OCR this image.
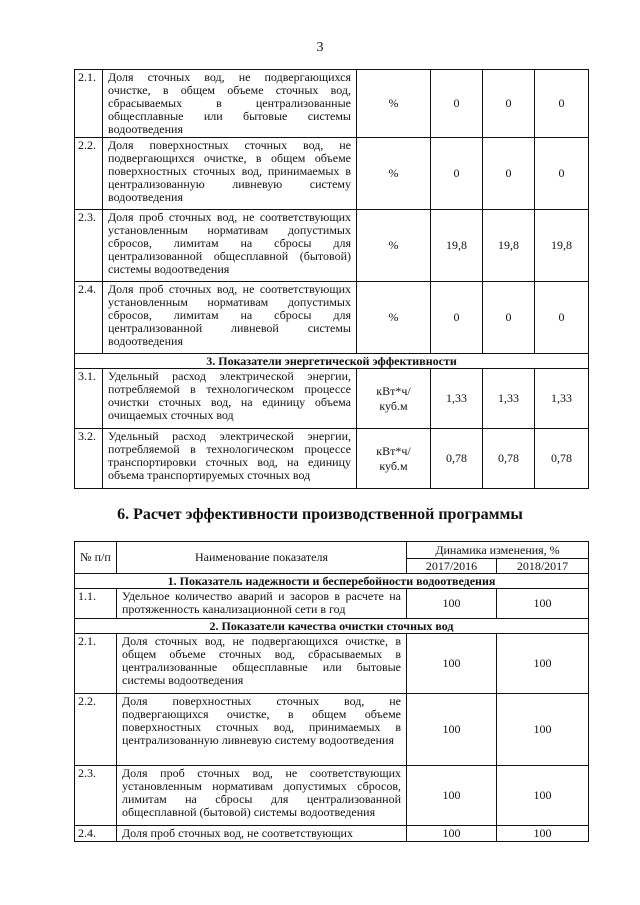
3
2.1.	Доля сточных вод, не подвергающихся очистке, в общем объеме сточных вод, сбрасываемых в централизованные общесплавные или бытовые системы водоотведения	%	0	0	0
2.2.	Доля поверхностных сточных вод, не подвергающихся очистке, в общем объеме поверхностных сточных вод, принимаемых в централизованную ливневую систему водоотведения	%	0	0	0
2.3.	Доля проб сточных вод, не соответствующих установленным нормативам допустимых сбросов, лимитам на сбросы для централизованной общесплавной (бытовой) системы водоотведения	%	19,8	19,8	19,8
2.4.	Доля проб сточных вод, не соответствующих установленным нормативам допустимых сбросов, лимитам на сбросы для централизованной ливневой системы водоотведения	%	0	0	0
3. Показатели энергетической эффективности					
3.1.	Удельный расход электрической энергии, потребляемой в технологическом процессе очистки сточных вод, на единицу объема очищаемых сточных вод	кВт*ч/ куб.м	1,33	1,33	1,33
3.2.	Удельный расход электрической энергии, потребляемой в технологическом процессе транспортировки сточных вод, на единицу объема транспортируемых сточных вод	кВт*ч/ куб.м	0,78	0,78	0,78
6. Расчет эффективности производственной программы
№ п/п	Наименование показателя	Динамика изменения, %	
		2017/2016	2018/2017
1. Показатель надежности и бесперебойности водоотведения			
1.1.	Удельное количество аварий и засоров в расчете на протяженность канализационной сети в год	100	100
2. Показатели качества очистки сточных вод			
2.1.	Доля сточных вод, не подвергающихся очистке, в общем объеме сточных вод, сбрасываемых в централизованные общесплавные или бытовые системы водоотведения	100	100
2.2.	Доля поверхностных сточных вод, не подвергающихся очистке, в общем объеме поверхностных сточных вод, принимаемых в централизованную ливневую систему водоотведения	100	100
2.3.	Доля проб сточных вод, не соответствующих установленным нормативам допустимых сбросов, лимитам на сбросы для централизованной общесплавной (бытовой) системы водоотведения	100	100
2.4.	Доля проб сточных вод, не соответствующих	100	100
